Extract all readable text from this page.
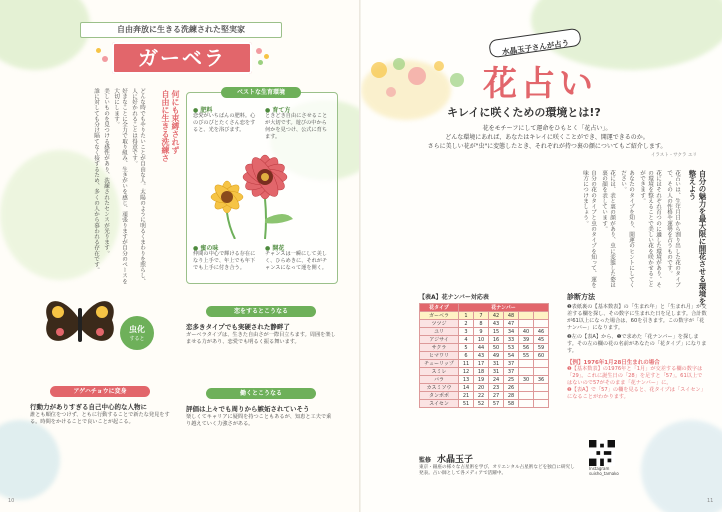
自由奔放に生きる洗練された堅実家
ガーベラ
どんな時でもやりたいことが自由な人。太陽のように明るくまわりを照らし、人に好かれることは得意です。
好きなことに全力で取り組み、生きがいを感じ、頑張りますが自分のペースを大切にします。
美しいものを見つける感性があり、洗練されたセンスが光ります。
誰に対しても分け隔てなく接するため、多くの人から慕われる存在です。	何にも束縛されず
自由に生きる洗練さ	ベストな生育環境
● 肥料
恋愛がいちばんの肥料。心のびのびとたくさん恋をすると、光を浴びます。
● 育て方
ときどき自由にさせることが大切です。遊びの中から何かを見つけ、公式に育ちます。
● 蜜の味
仲間の中心で輝ける存在になり上手で、年上でも年下でも上手に付き合う。
● 開花
チャンスは一瞬にして美しく、ひらめきに、それがチャンスになって運を開く。
虫化
すると
恋をするとこうなる
恋多きタイプでも実硬された静畔了
ガーベラタイプは、生きた自由さが一際目立ちます。周囲を楽しませる力があり、恋愛でも明るく振る舞います。
働くとこうなる
評価は上々でも周りから嫉妬されていそう
楽しくてキャリアに疑問を持つこともあるが、知恵と工夫で乗り越えていく力強さがある。
アゲハチョウに変身
行動力がありすぎる自己中心的な人物に
誰とも順位をつけず、ともに行動することで新たな発見をする。時間をかけることで良いことが起こる。
10
水晶玉子さんが占う
花占い
キレイに咲くための環境とは!?
花をモチーフにして運命をひもとく「花占い」。
どんな環境にあれば、あなたはキレイに咲くことができ、開運できるのか。
さらに美しい花が"虫"に変態したとき、それぞれが持つ裏の顔についてもご紹介します。
イラスト・サクラ エリ
自分の魅力を最大限に開花させる環境を整えよう
花占いは、生年月日から割り出した花のタイプで、その人の性格や運勢を占うものです。
花にはそれぞれ育つのに適した環境があり、その環境を整えることで美しい花を咲かせることができます。
あなたのタイプを知り、開運のヒントにしてください。
花には、表と裏の顔があり、虫に変態した姿は裏の顔を表しています。
自分の花のタイプと虫のタイプを知って、運を味方につけましょう。
【表A】花ナンバー対応表
花タイプ	花ナンバー					
ガーベラ	1	7	42	48		
ツツジ	2	8	43	47		
ユリ	3	9	15	34	40	46
アジサイ	4	10	16	33	39	45
サクラ	5	44	50	53	56	59
ヒマワリ	6	43	49	54	55	60
チューリップ	11	17	31	37		
スミレ	12	18	31	37		
バラ	13	19	24	25	30	36
カスミソウ	14	20	23	26		
タンポポ	21	22	27	28		
スイセン	51	52	57	58		
診断方法
❶表紙裏の【基本数表】の「生まれ年」と「生まれ月」が交差する欄を探し、その数字に生まれた日を足します。合計数が61以上になった場合は、60を引きます。この数字が「花ナンバー」になります。
❷左の【表A】から、❶で求めた「花ナンバー」を探します。その左の欄の花の名前があなたの「花タイプ」になります。
【例】1976年1月28日生まれの場合
❶【基本数表】の1976年と「1月」が交差する欄の数字は「29」。これに誕生日の「28」を足すと「57」。61以上ではないので57がそのまま「花ナンバー」に。
❷【表A】で「57」の欄を見ると、花タイプは「スイセン」になることがわかります。
監修 水晶玉子
東京・銀座の様々な占星術を学び、オリエンタル占星術などを独自に研究し発表。占い師として各メディアで活躍中。
Instagram
suisho_tamako
11
